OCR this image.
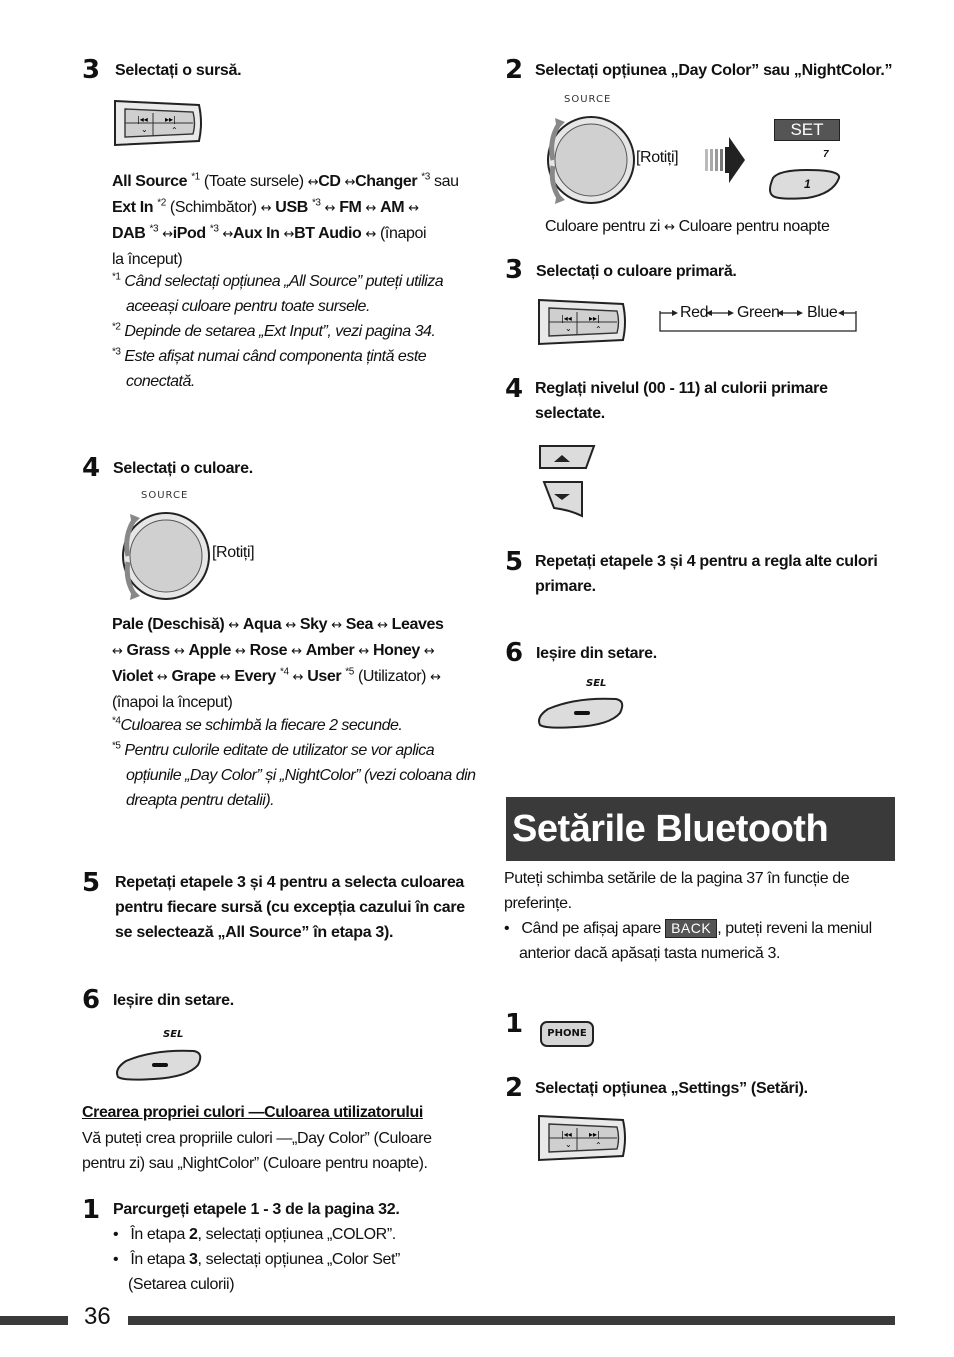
3 Selectați o sursă.
|◂◂ ▸▸|
⌄	⌃
All Source $^{*1}$ (Toate sursele) ↔CD ↔Changer $^{*3}$ sau
Ext In $^{*2}$ (Schimbător) ↔ USB $^{*3}$ ↔ FM ↔ AM ↔
DAB $^{*3}$ ↔iPod $^{*3}$ ↔Aux In ↔BT Audio ↔ (înapoi
la început)
$^{*1}$ Când selectați opțiunea „All Source” puteți utiliza
aceeași culoare pentru toate sursele.
$^{*2}$ Depinde de setarea „Ext Input”, vezi pagina 34.
$^{*3}$ Este afișat numai când componenta țintă este
conectată.
4 Selectați o culoare.
SOURCE
[Rotiți]
Pale (Deschisă) ↔ Aqua ↔ Sky ↔ Sea ↔ Leaves
↔ Grass ↔ Apple ↔ Rose ↔ Amber ↔ Honey ↔
Violet ↔ Grape ↔ Every $^{*4}$ ↔ User $^{*5}$ (Utilizator) ↔
(înapoi la început)
$^{*4}$Culoarea se schimbă la fiecare 2 secunde.
$^{*5}$ Pentru culorile editate de utilizator se vor aplica
opțiunile „Day Color” și „NightColor” (vezi coloana din
dreapta pentru detalii).
5 Repetați etapele 3 și 4 pentru a selecta culoarea
pentru fiecare sursă (cu excepția cazului în care
se selectează „All Source” în etapa 3).
6 Ieșire din setare.
SEL
Crearea propriei culori —Culoarea utilizatorului
Vă puteți crea propriile culori —„Day Color” (Culoare
pentru zi) sau „NightColor” (Culoare pentru noapte).
1 Parcurgeți etapele 1 - 3 de la pagina 32.
•   În etapa 2, selectați opțiunea „COLOR”.
•   În etapa 3, selectați opțiunea „Color Set”
(Setarea culorii)
2 Selectați opțiunea „Day Color” sau „NightColor.”
SOURCE
[Rotiți]
SET
7
1
Culoare pentru zi ↔ Culoare pentru noapte
3 Selectați o culoare primară.
|◂◂ ▸▸|
⌄	⌃
Red Green Blue
4 Reglați nivelul (00 - 11) al culorii primare
selectate.
5 Repetați etapele 3 și 4 pentru a regla alte culori
primare.
6 Ieșire din setare.
SEL
Setările Bluetooth
Puteți schimba setările de la pagina 37 în funcție de
preferințe.
•   Când pe afișaj apare BACK , puteți reveni la meniul
anterior dacă apăsați tasta numerică 3.
1	PHONE
2 Selectați opțiunea „Settings” (Setări).
|◂◂ ▸▸|
⌄	⌃
36
